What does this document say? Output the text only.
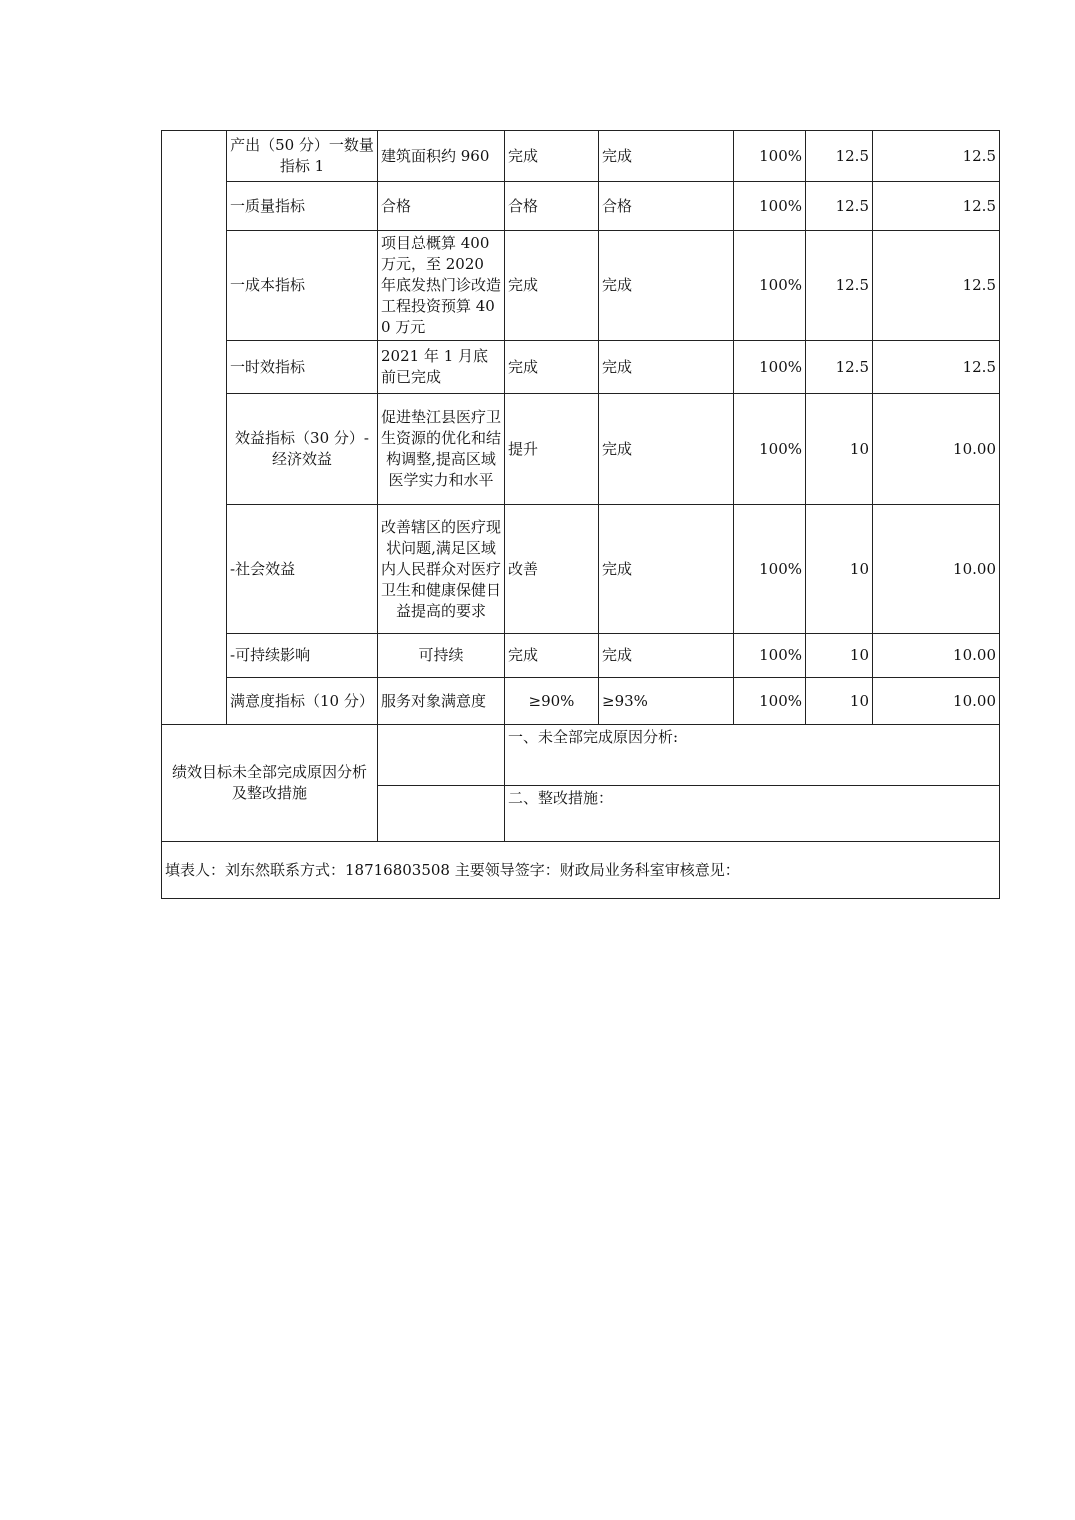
	产出（50 分）一数量指标 1	建筑面积约 960	完成	完成	100%	12.5	12.5
	一质量指标	合格	合格	合格	100%	12.5	12.5
	一成本指标	项目总概算 400 万元，至 2020 年底发热门诊改造工程投资预算 400 万元	完成	完成	100%	12.5	12.5
	一时效指标	2021 年 1 月底前已完成	完成	完成	100%	12.5	12.5
	效益指标（30 分）-经济效益	促进垫江县医疗卫生资源的优化和结构调整,提高区域医学实力和水平	提升	完成	100%	10	10.00
	-社会效益	改善辖区的医疗现状问题,满足区域内人民群众对医疗卫生和健康保健日益提高的要求	改善	完成	100%	10	10.00
	-可持续影响	可持续	完成	完成	100%	10	10.00
	满意度指标（10 分）	服务对象满意度	≥90%	≥93%	100%	10	10.00
绩效目标未全部完成原因分析及整改措施			一、未全部完成原因分析:				
			二、整改措施：				
填表人：刘东然联系方式：18716803508 主要领导签字：财政局业务科室审核意见：							
